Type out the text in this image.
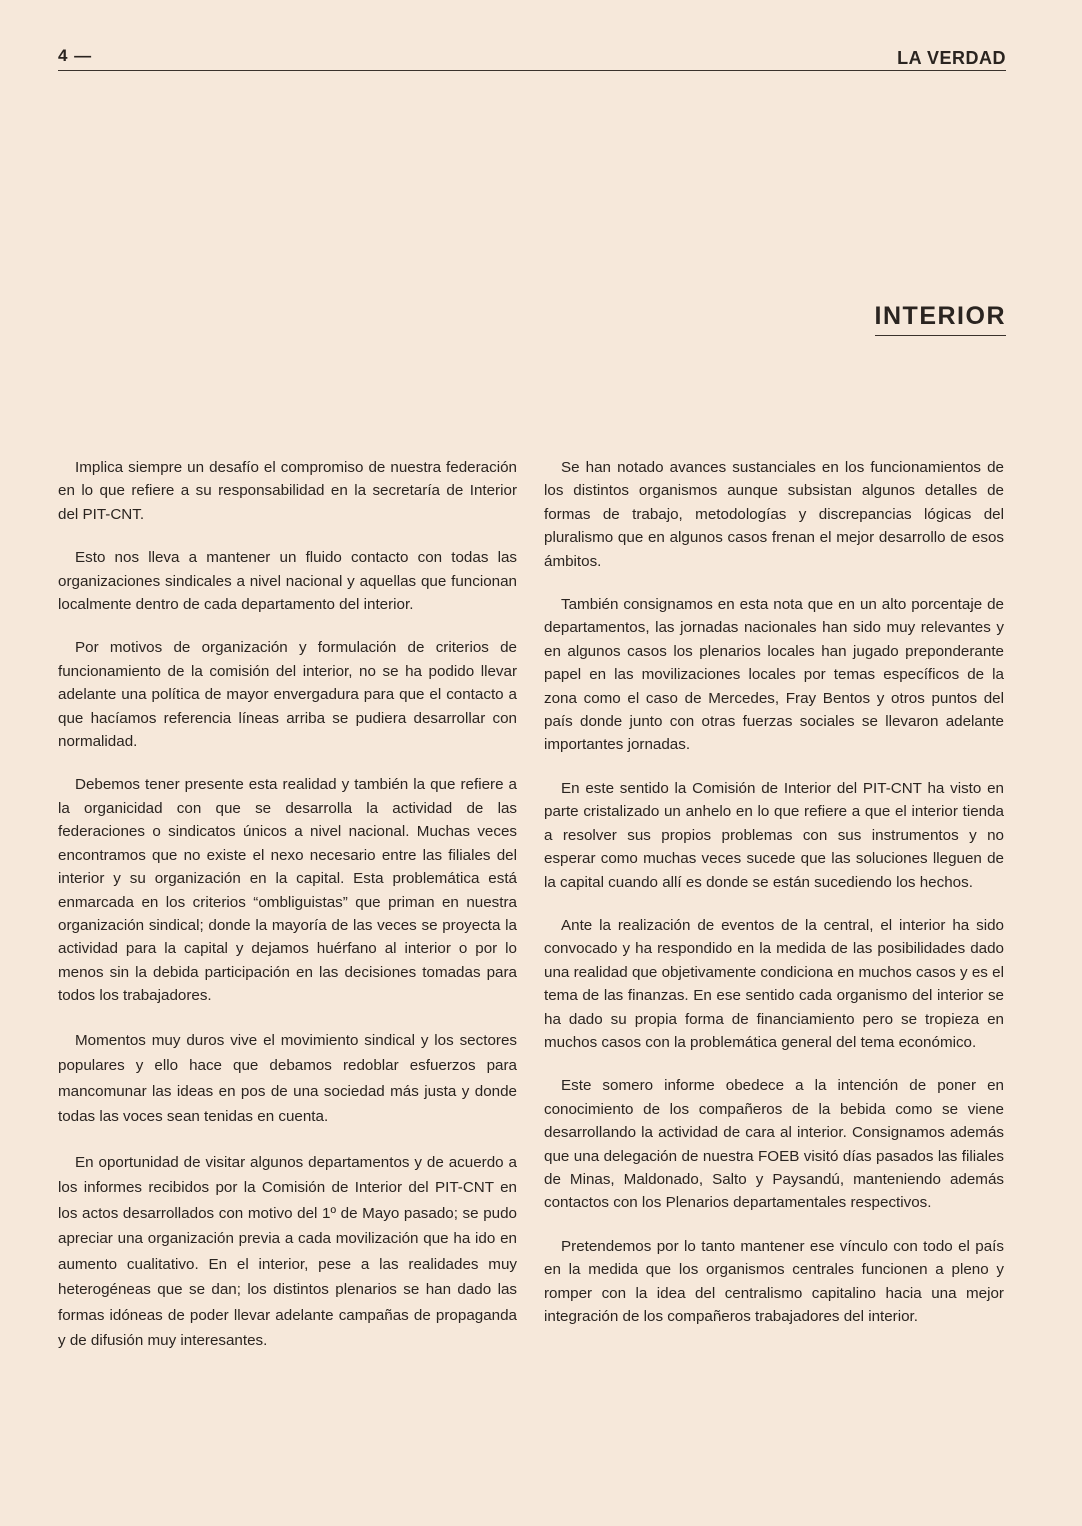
4 —	LA VERDAD
INTERIOR

Implica siempre un desafío el compromiso de nuestra federación en lo que refiere a su responsabilidad en la secretaría de Interior del PIT-CNT.

Esto nos lleva a mantener un fluido contacto con todas las organizaciones sindicales a nivel nacional y aquellas que funcionan localmente dentro de cada departamento del interior.

Por motivos de organización y formulación de criterios de funcionamiento de la comisión del interior, no se ha podido llevar adelante una política de mayor envergadura para que el contacto a que hacíamos referencia líneas arriba se pudiera desarrollar con normalidad.

Debemos tener presente esta realidad y también la que refiere a la organicidad con que se desarrolla la actividad de las federaciones o sindicatos únicos a nivel nacional. Muchas veces encontramos que no existe el nexo necesario entre las filiales del interior y su organización en la capital. Esta problemática está enmarcada en los criterios “ombliguistas” que priman en nuestra organización sindical; donde la mayoría de las veces se proyecta la actividad para la capital y dejamos huérfano al interior o por lo menos sin la debida participación en las decisiones tomadas para todos los trabajadores.

Momentos muy duros vive el movimiento sindical y los sectores populares y ello hace que debamos redoblar esfuerzos para mancomunar las ideas en pos de una sociedad más justa y donde todas las voces sean tenidas en cuenta.

En oportunidad de visitar algunos departamentos y de acuerdo a los informes recibidos por la Comisión de Interior del PIT-CNT en los actos desarrollados con motivo del 1º de Mayo pasado; se pudo apreciar una organización previa a cada movilización que ha ido en aumento cualitativo. En el interior, pese a las realidades muy heterogéneas que se dan; los distintos plenarios se han dado las formas idóneas de poder llevar adelante campañas de propaganda y de difusión muy interesantes.

Se han notado avances sustanciales en los funcionamientos de los distintos organismos aunque subsistan algunos detalles de formas de trabajo, metodologías y discrepancias lógicas del pluralismo que en algunos casos frenan el mejor desarrollo de esos ámbitos.

También consignamos en esta nota que en un alto porcentaje de departamentos, las jornadas nacionales han sido muy relevantes y en algunos casos los plenarios locales han jugado preponderante papel en las movilizaciones locales por temas específicos de la zona como el caso de Mercedes, Fray Bentos y otros puntos del país donde junto con otras fuerzas sociales se llevaron adelante importantes jornadas.

En este sentido la Comisión de Interior del PIT-CNT ha visto en parte cristalizado un anhelo en lo que refiere a que el interior tienda a resolver sus propios problemas con sus instrumentos y no esperar como muchas veces sucede que las soluciones lleguen de la capital cuando allí es donde se están sucediendo los hechos.

Ante la realización de eventos de la central, el interior ha sido convocado y ha respondido en la medida de las posibilidades dado una realidad que objetivamente condiciona en muchos casos y es el tema de las finanzas. En ese sentido cada organismo del interior se ha dado su propia forma de financiamiento pero se tropieza en muchos casos con la problemática general del tema económico.

Este somero informe obedece a la intención de poner en conocimiento de los compañeros de la bebida como se viene desarrollando la actividad de cara al interior. Consignamos además que una delegación de nuestra FOEB visitó días pasados las filiales de Minas, Maldonado, Salto y Paysandú, manteniendo además contactos con los Plenarios departamentales respectivos.

Pretendemos por lo tanto mantener ese vínculo con todo el país en la medida que los organismos centrales funcionen a pleno y romper con la idea del centralismo capitalino hacia una mejor integración de los compañeros trabajadores del interior.
